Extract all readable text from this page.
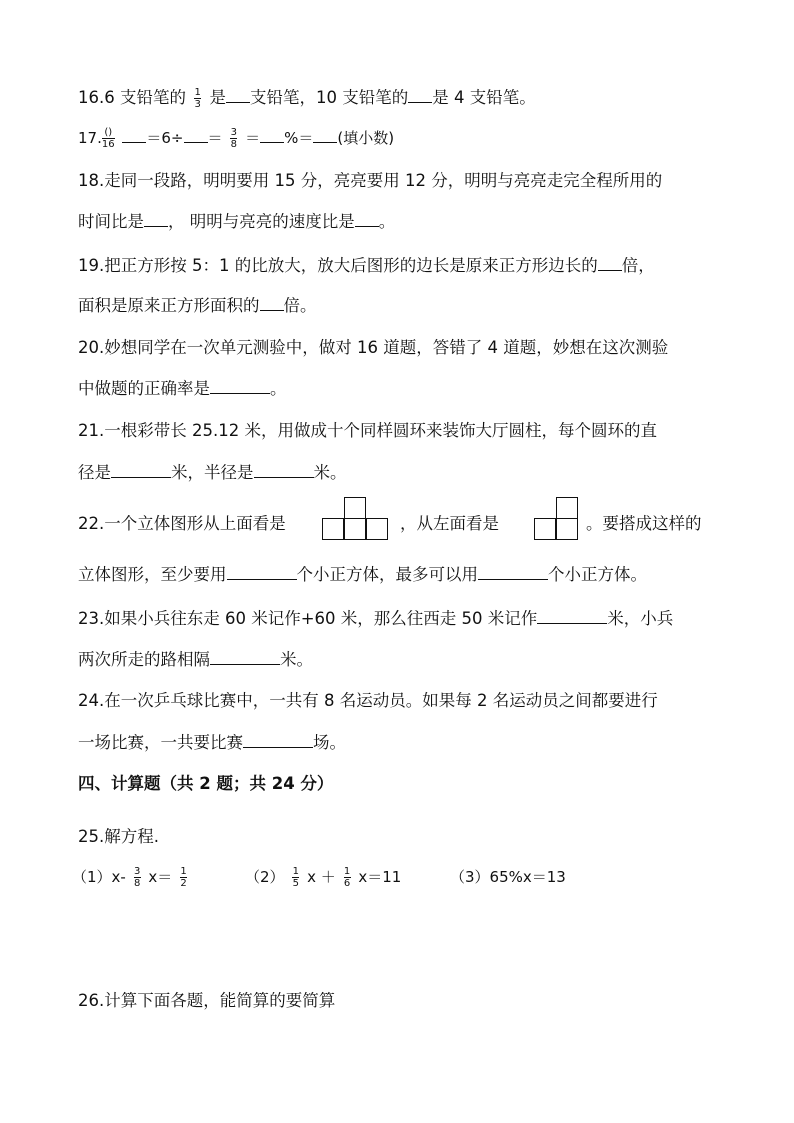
16.6 支铅笔的 $\frac{1}{3}$ 是 支铅笔，10 支铅笔的 是 4 支铅笔。
17. $\frac{()}{16} =6\div = \frac{3}{8}$ ＝ %＝ (填小数)
18.走同一段路，明明要用 15 分，亮亮要用 12 分，明明与亮亮走完全程所用的
时间比是 ， 明明与亮亮的速度比是 。
19.把正方形按 5：1 的比放大，放大后图形的边长是原来正方形边长的 倍，
面积是原来正方形面积的 倍。
20.妙想同学在一次单元测验中，做对 16 道题，答错了 4 道题，妙想在这次测验
中做题的正确率是	。
21.一根彩带长 25.12 米，用做成十个同样圆环来装饰大厅圆柱，每个圆环的直
径是	米，半径是	米。
22.一个立体图形从上面看是	，从左面看是	。要搭成这样的
立体图形，至少要用	个小正方体，最多可以用	个小正方体。
23.如果小兵往东走 60 米记作+60 米，那么往西走 50 米记作	米，小兵
两次所走的路相隔	米。
24.在一次乒乓球比赛中，一共有 8 名运动员。如果每 2 名运动员之间都要进行
一场比赛，一共要比赛	场。
四、计算题（共 2 题；共 24 分）
25.解方程.
$(1)x- \frac{3}{8} x= \frac{1}{2}$	$(2) \frac{1}{5}$ $x + \frac{1}{6} x=11$	（3）65%x＝13
26.计算下面各题，能简算的要简算
